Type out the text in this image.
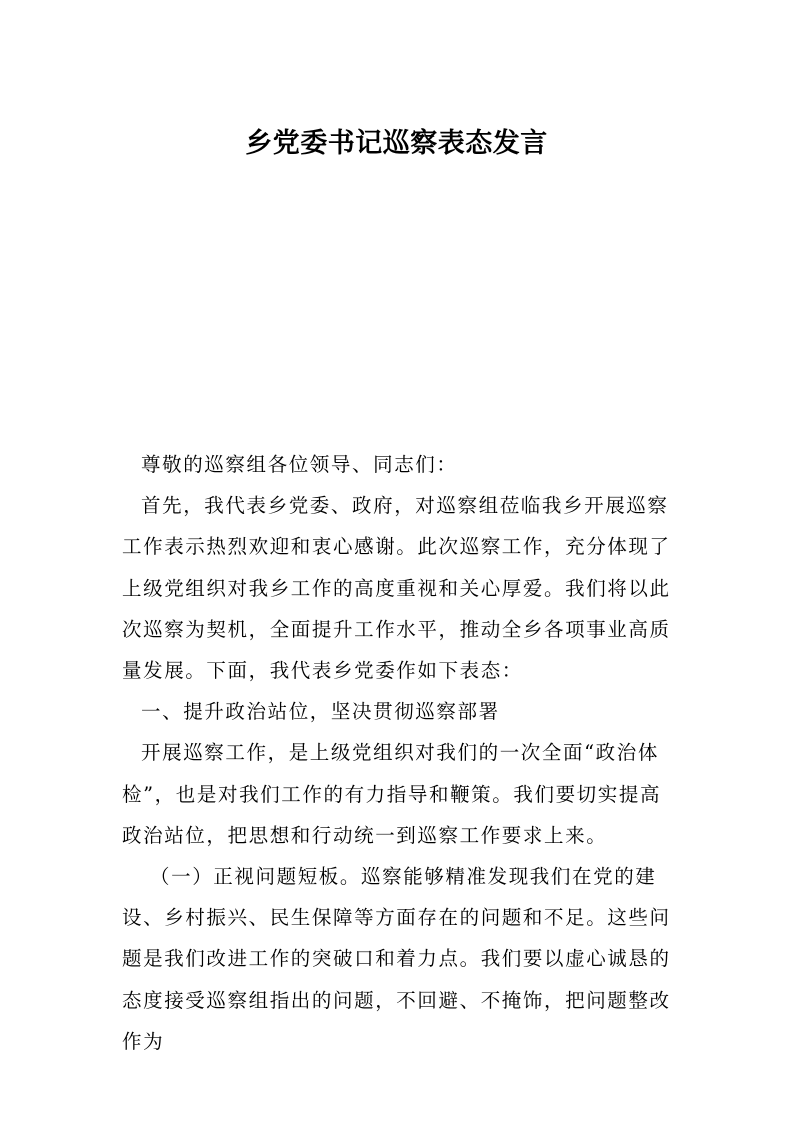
乡党委书记巡察表态发言

尊敬的巡察组各位领导、同志们：

首先，我代表乡党委、政府，对巡察组莅临我乡开展巡察工作表示热烈欢迎和衷心感谢。此次巡察工作，充分体现了上级党组织对我乡工作的高度重视和关心厚爱。我们将以此次巡察为契机，全面提升工作水平，推动全乡各项事业高质量发展。下面，我代表乡党委作如下表态：

一、提升政治站位，坚决贯彻巡察部署

开展巡察工作，是上级党组织对我们的一次全面“政治体检”，也是对我们工作的有力指导和鞭策。我们要切实提高政治站位，把思想和行动统一到巡察工作要求上来。

（一）正视问题短板。巡察能够精准发现我们在党的建设、乡村振兴、民生保障等方面存在的问题和不足。这些问题是我们改进工作的突破口和着力点。我们要以虚心诚恳的态度接受巡察组指出的问题，不回避、不掩饰，把问题整改作为
